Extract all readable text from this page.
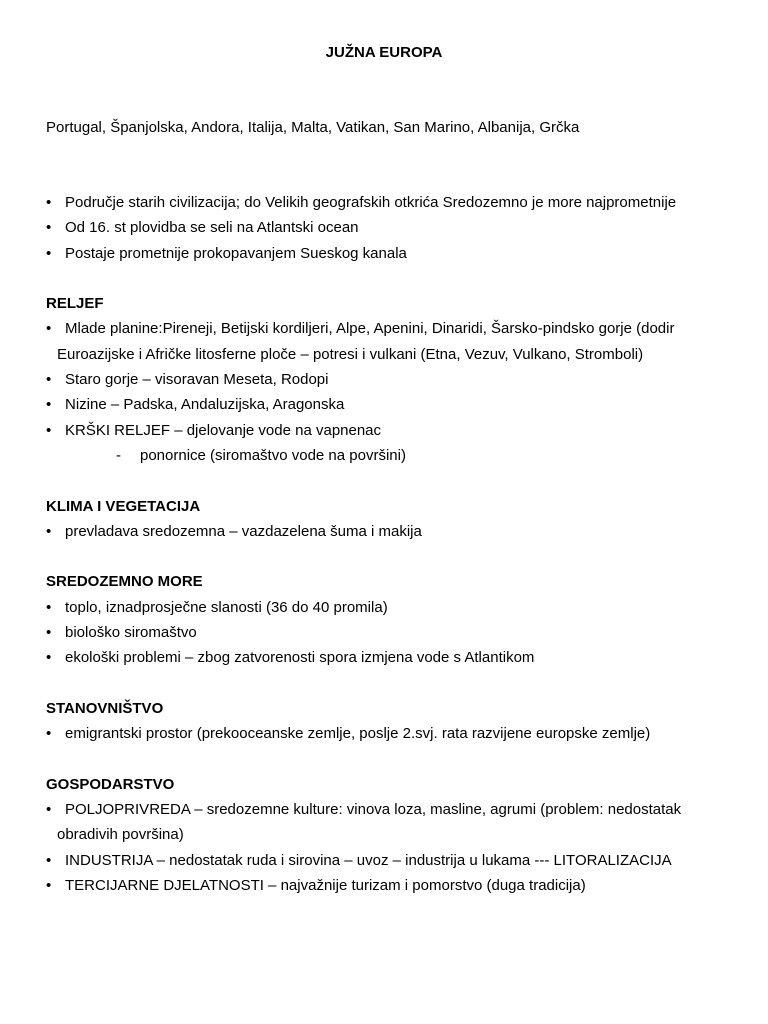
JUŽNA EUROPA
Portugal, Španjolska, Andora, Italija, Malta, Vatikan, San Marino, Albanija, Grčka
• Područje starih civilizacija; do Velikih geografskih otkrića Sredozemno je more najprometnije
• Od 16. st plovidba se seli na Atlantski ocean
• Postaje prometnije prokopavanjem Sueskog kanala
RELJEF
• Mlade planine:Pireneji, Betijski kordiljeri, Alpe, Apenini, Dinaridi, Šarsko-pindsko gorje (dodir
Euroazijske i Afričke litosferne ploče – potresi i vulkani (Etna, Vezuv, Vulkano, Stromboli)
• Staro gorje – visoravan Meseta, Rodopi
• Nizine – Padska, Andaluzijska, Aragonska
• KRŠKI RELJEF – djelovanje vode na vapnenac
- ponornice (siromaštvo vode na površini)
KLIMA I VEGETACIJA
• prevladava sredozemna – vazdazelena šuma i makija
SREDOZEMNO MORE
• toplo, iznadprosječne slanosti (36 do 40 promila)
• biološko siromaštvo
• ekološki problemi – zbog zatvorenosti spora izmjena vode s Atlantikom
STANOVNIŠTVO
• emigrantski prostor (prekooceanske zemlje, poslje 2.svj. rata razvijene europske zemlje)
GOSPODARSTVO
• POLJOPRIVREDA – sredozemne kulture: vinova loza, masline, agrumi (problem: nedostatak
obradivih površina)
• INDUSTRIJA – nedostatak ruda i sirovina – uvoz – industrija u lukama --- LITORALIZACIJA
• TERCIJARNE DJELATNOSTI – najvažnije turizam i pomorstvo (duga tradicija)
